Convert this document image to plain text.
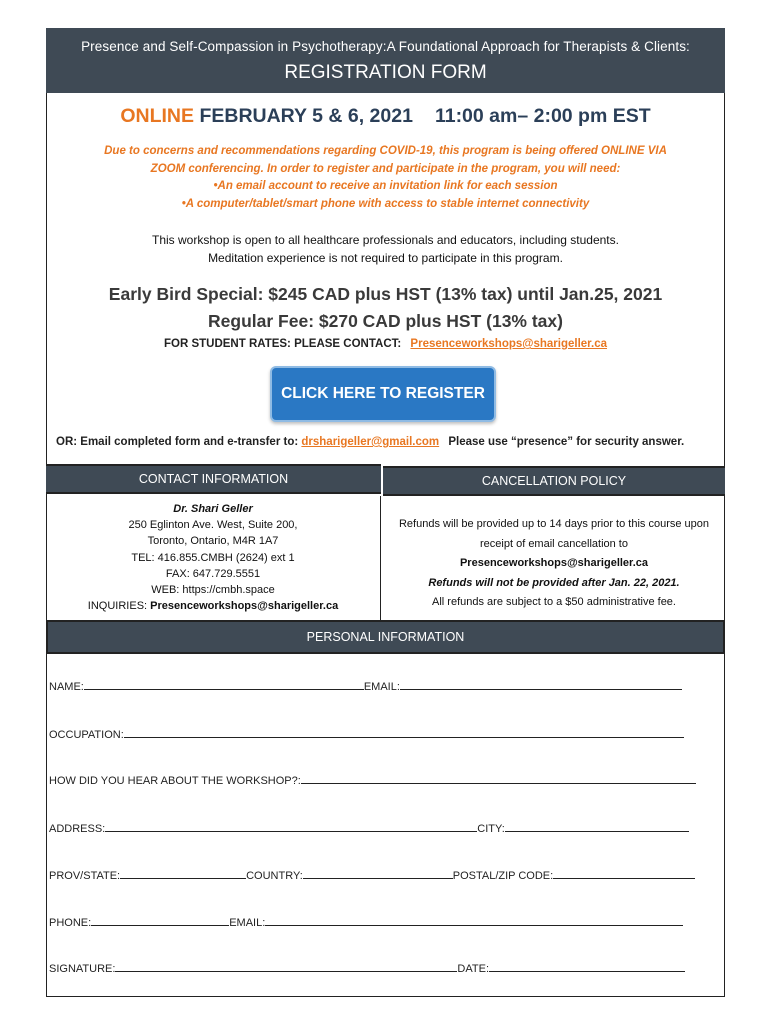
Presence and Self-Compassion in Psychotherapy:A Foundational Approach for Therapists & Clients:
REGISTRATION FORM
ONLINE FEBRUARY 5 & 6, 2021 11:00 am– 2:00 pm EST
Due to concerns and recommendations regarding COVID-19, this program is being offered ONLINE VIA
ZOOM conferencing. In order to register and participate in the program, you will need:
• An email account to receive an invitation link for each session
• A computer/tablet/smart phone with access to stable internet connectivity
This workshop is open to all healthcare professionals and educators, including students.
Meditation experience is not required to participate in this program.
Early Bird Special: $245 CAD plus HST (13% tax) until Jan.25, 2021
Regular Fee: $270 CAD plus HST (13% tax)
FOR STUDENT RATES: PLEASE CONTACT: Presenceworkshops@sharigeller.ca
CLICK HERE TO REGISTER
OR: Email completed form and e-transfer to: drsharigeller@gmail.com Please use “presence” for security answer.
CONTACT INFORMATION	CANCELLATION POLICY
Dr. Shari Geller
250 Eglinton Ave. West, Suite 200,
Toronto, Ontario, M4R 1A7
TEL: 416.855.CMBH (2624) ext 1
FAX: 647.729.5551
WEB: https://cmbh.space
INQUIRIES: Presenceworkshops@sharigeller.ca
Refunds will be provided up to 14 days prior to this course upon
receipt of email cancellation to
Presenceworkshops@sharigeller.ca
Refunds will not be provided after Jan. 22, 2021.
All refunds are subject to a $50 administrative fee.
PERSONAL INFORMATION
NAME:	EMAIL:
OCCUPATION:
HOW DID YOU HEAR ABOUT THE WORKSHOP?:
ADDRESS:	CITY:
PROV/STATE:	COUNTRY:	POSTAL/ZIP CODE:
PHONE:	EMAIL:
SIGNATURE:	DATE:
